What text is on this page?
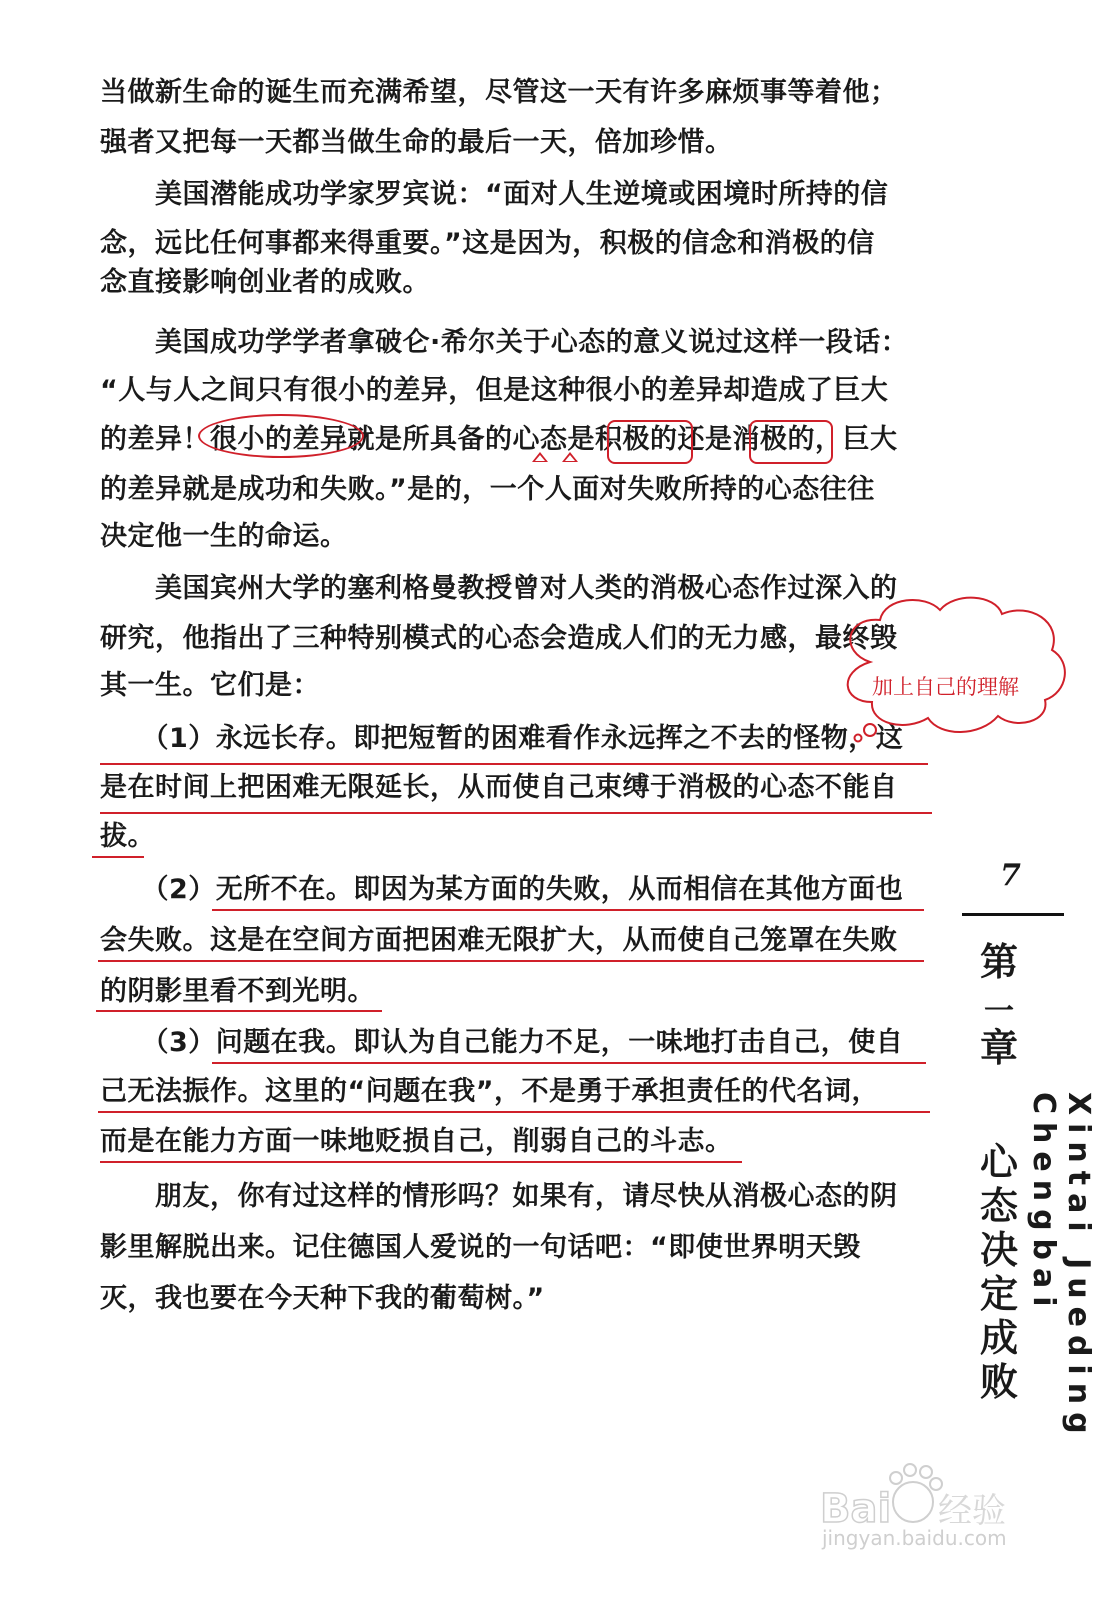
当做新生命的诞生而充满希望，尽管这一天有许多麻烦事等着他；
强者又把每一天都当做生命的最后一天，倍加珍惜。
　　美国潜能成功学家罗宾说：“面对人生逆境或困境时所持的信
念，远比任何事都来得重要。”这是因为，积极的信念和消极的信
念直接影响创业者的成败。
　　美国成功学学者拿破仑·希尔关于心态的意义说过这样一段话：
“人与人之间只有很小的差异，但是这种很小的差异却造成了巨大
的差异！很小的差异就是所具备的心态是积极的还是消极的，巨大
的差异就是成功和失败。”是的，一个人面对失败所持的心态往往
决定他一生的命运。
　　美国宾州大学的塞利格曼教授曾对人类的消极心态作过深入的
研究，他指出了三种特别模式的心态会造成人们的无力感，最终毁
其一生。它们是：
　　（1）永远长存。即把短暂的困难看作永远挥之不去的怪物，这
是在时间上把困难无限延长，从而使自己束缚于消极的心态不能自
拔。
　　（2）无所不在。即因为某方面的失败，从而相信在其他方面也
会失败。这是在空间方面把困难无限扩大，从而使自己笼罩在失败
的阴影里看不到光明。
　　（3）问题在我。即认为自己能力不足，一味地打击自己，使自
己无法振作。这里的“问题在我”，不是勇于承担责任的代名词，
而是在能力方面一味地贬损自己，削弱自己的斗志。
　　朋友，你有过这样的情形吗？如果有，请尽快从消极心态的阴
影里解脱出来。记住德国人爱说的一句话吧：“即使世界明天毁
灭，我也要在今天种下我的葡萄树。”
加上自己的理解
7
第
一
章
心
态
决
定
成
败	Xintai Jueding Chengbai
Bai 经验
jingyan.baidu.com
